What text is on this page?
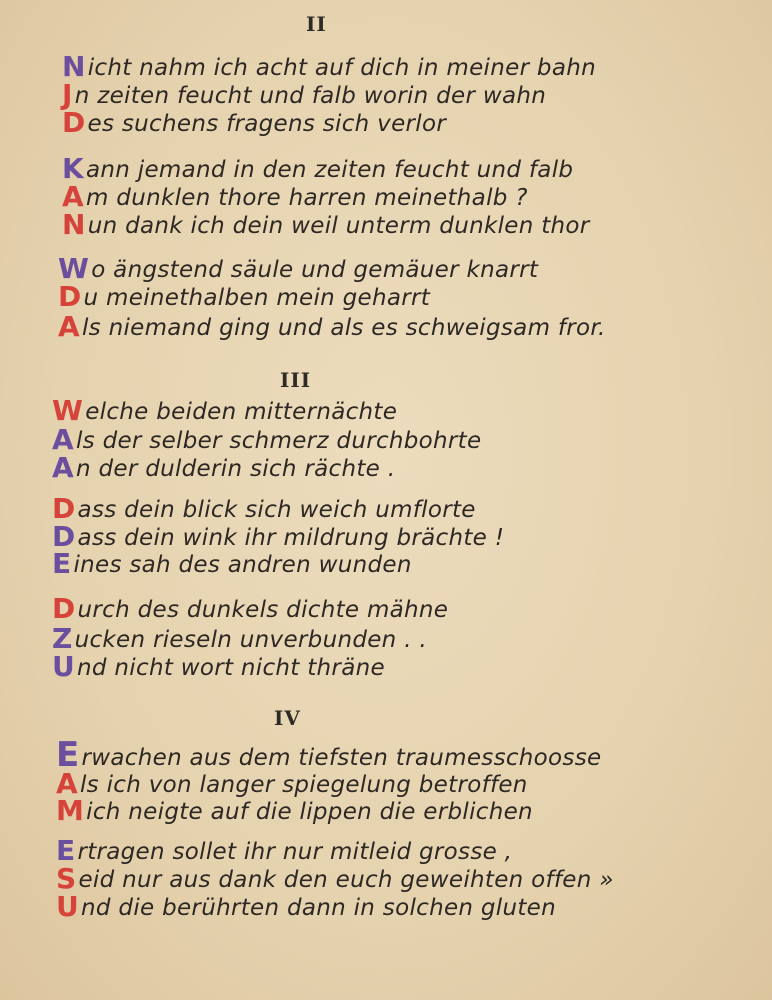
II
Nicht nahm ich acht auf dich in meiner bahn
Jn zeiten feucht und falb worin der wahn
Des suchens fragens sich verlor
Kann jemand in den zeiten feucht und falb
Am dunklen thore harren meinethalb ?
Nun dank ich dein weil unterm dunklen thor
Wo ängstend säule und gemäuer knarrt
Du meinethalben mein geharrt
Als niemand ging und als es schweigsam fror.
III
Welche beiden mitternächte
Als der selber schmerz durchbohrte
An der dulderin sich rächte .
Dass dein blick sich weich umflorte
Dass dein wink ihr mildrung brächte !
Eines sah des andren wunden
Durch des dunkels dichte mähne
Zucken rieseln unverbunden . .
Und nicht wort nicht thräne
IV
Erwachen aus dem tiefsten traumesschoosse
Als ich von langer spiegelung betroffen
Mich neigte auf die lippen die erblichen
Ertragen sollet ihr nur mitleid grosse ,
Seid nur aus dank den euch geweihten offen »
Und die berührten dann in solchen gluten
